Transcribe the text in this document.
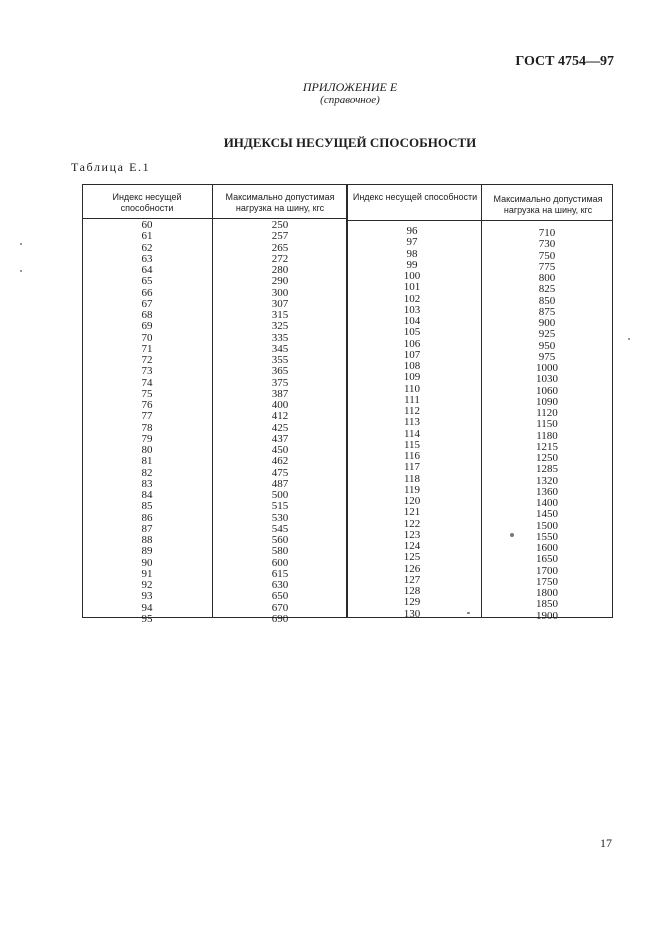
ГОСТ 4754—97
ПРИЛОЖЕНИЕ Е
(справочное)
ИНДЕКСЫ НЕСУЩЕЙ СПОСОБНОСТИ
Таблица Е.1
Индекс несущей способности
Максимально допустимая нагрузка на шину, кгс
Индекс несущей способности	Максимально допустимая нагрузка на шину, кгс
60
61
62
63
64
65
66
67
68
69
70
71
72
73
74
75
76
77
78
79
80
81
82
83
84
85
86
87
88
89
90
91
92
93
94
95
250
257
265
272
280
290
300
307
315
325
335
345
355
365
375
387
400
412
425
437
450
462
475
487
500
515
530
545
560
580
600
615
630
650
670
690
96
97
98
99
100
101
102
103
104
105
106
107
108
109
110
111
112
113
114
115
116
117
118
119
120
121
122
123
124
125
126
127
128
129
130
710
730
750
775
800
825
850
875
900
925
950
975
1000
1030
1060
1090
1120
1150
1180
1215
1250
1285
1320
1360
1400
1450
1500
1550
1600
1650
1700
1750
1800
1850
1900
17
